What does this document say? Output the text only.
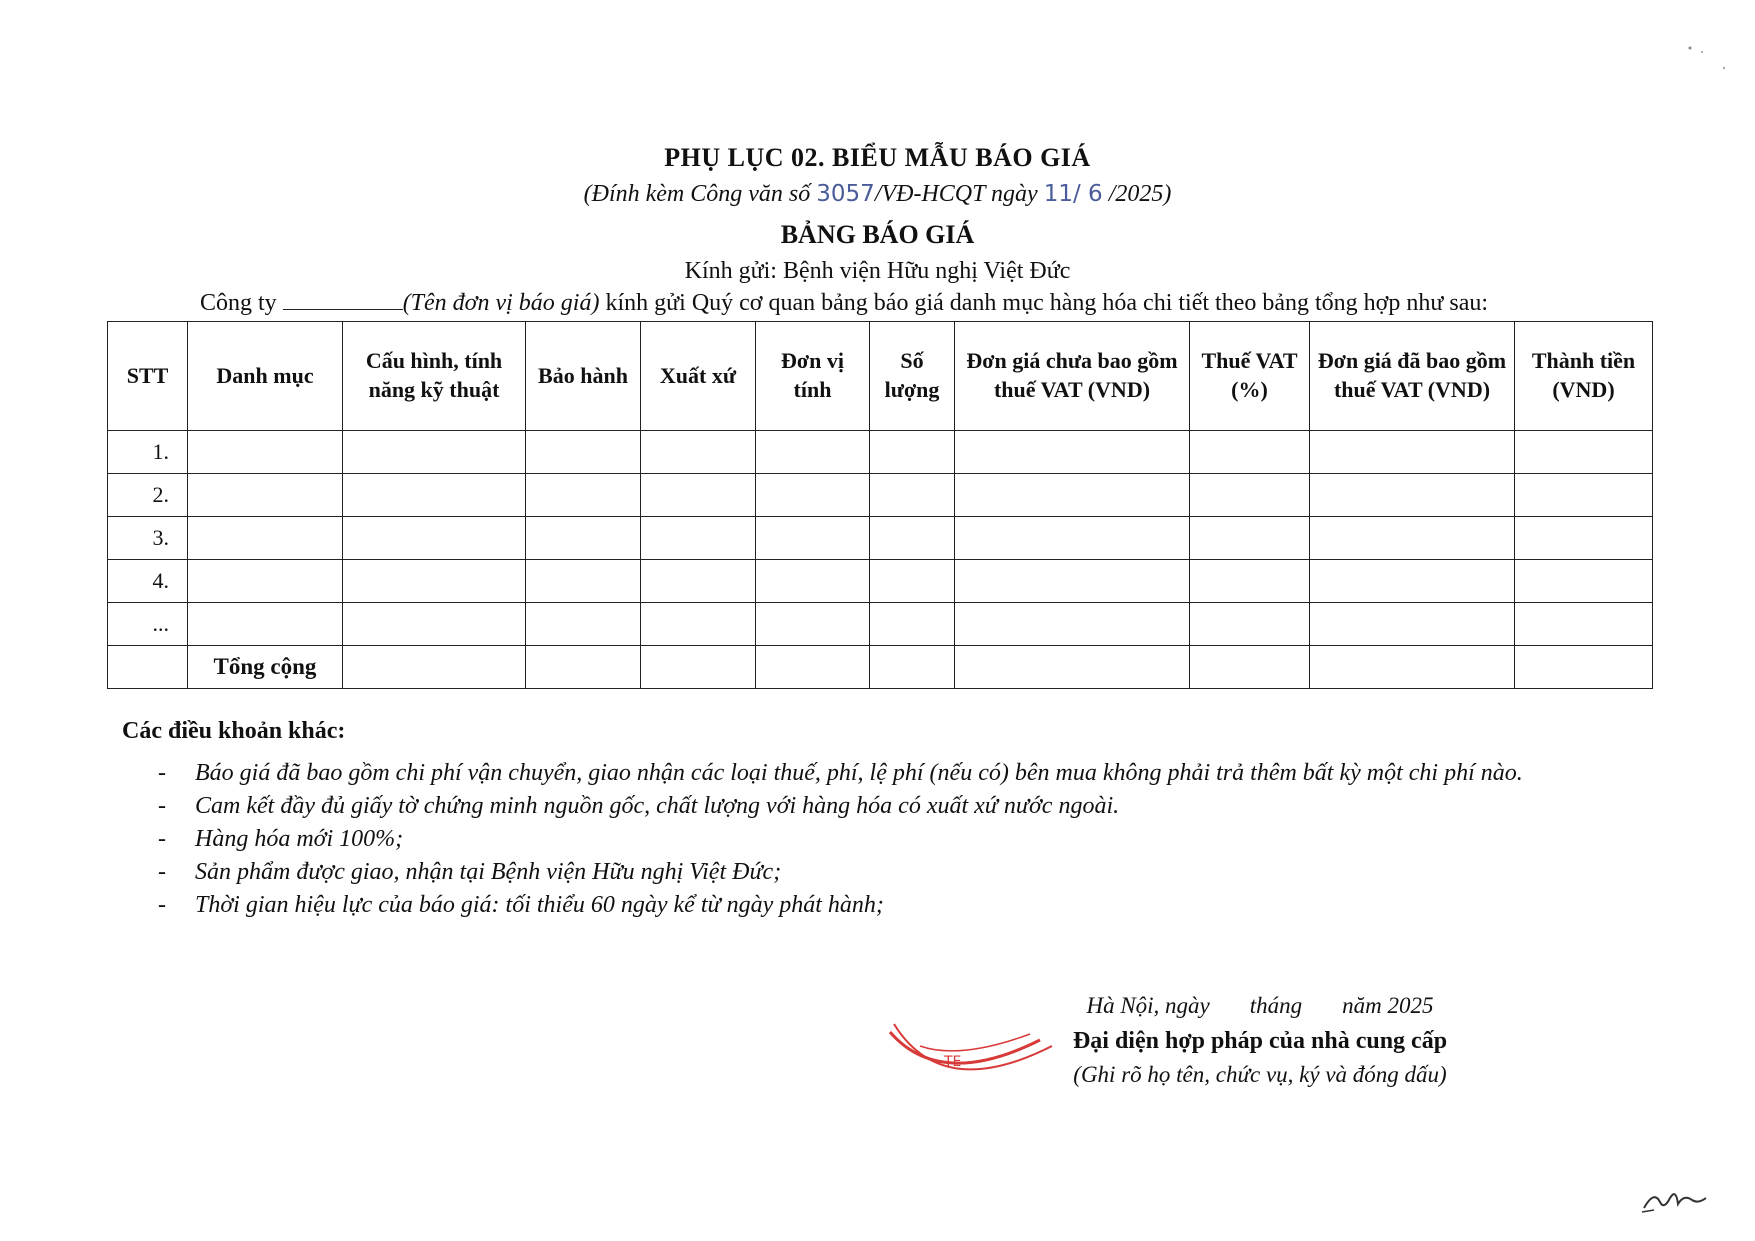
PHỤ LỤC 02. BIỂU MẪU BÁO GIÁ
(Đính kèm Công văn số 3057/VĐ-HCQT ngày 11/ 6 /2025)
BẢNG BÁO GIÁ
Kính gửi: Bệnh viện Hữu nghị Việt Đức
Công ty	(Tên đơn vị báo giá) kính gửi Quý cơ quan bảng báo giá danh mục hàng hóa chi tiết theo bảng tổng hợp như sau:
STT	Danh mục	Cấu hình, tính năng kỹ thuật	Bảo hành	Xuất xứ	Đơn vị tính	Số lượng	Đơn giá chưa bao gồm thuế VAT (VND)	Thuế VAT (%)	Đơn giá đã bao gồm thuế VAT (VND)	Thành tiền (VND)
1.										
2.										
3.										
4.										
...										
	Tổng cộng									
Các điều khoản khác:
- Báo giá đã bao gồm chi phí vận chuyển, giao nhận các loại thuế, phí, lệ phí (nếu có) bên mua không phải trả thêm bất kỳ một chi phí nào.
- Cam kết đầy đủ giấy tờ chứng minh nguồn gốc, chất lượng với hàng hóa có xuất xứ nước ngoài.
- Hàng hóa mới 100%;
- Sản phẩm được giao, nhận tại Bệnh viện Hữu nghị Việt Đức;
- Thời gian hiệu lực của báo giá: tối thiểu 60 ngày kể từ ngày phát hành;
Hà Nội, ngày tháng năm 2025
Đại diện hợp pháp của nhà cung cấp
(Ghi rõ họ tên, chức vụ, ký và đóng dấu)
TE
